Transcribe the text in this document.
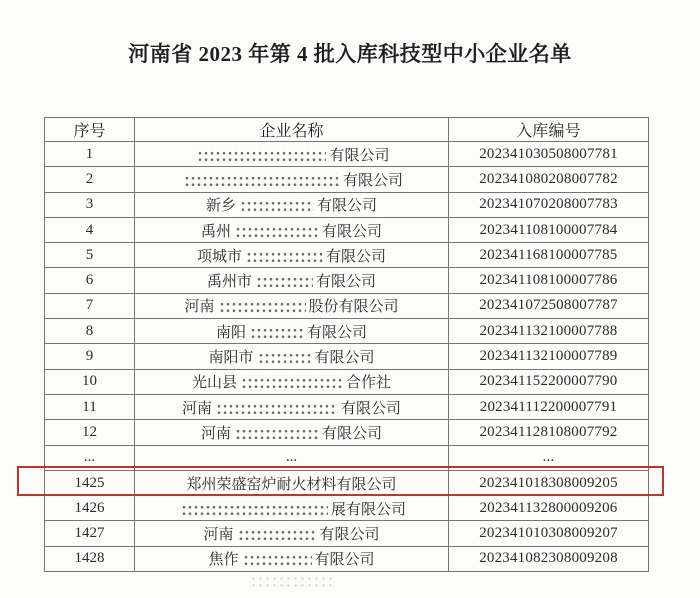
河南省 2023 年第 4 批入库科技型中小企业名单
序号	企业名称	入库编号
1	有限公司	202341030508007781
2	有限公司	202341080208007782
3	新乡 有限公司	202341070208007783
4	禹州 有限公司	202341108100007784
5	项城市 有限公司	202341168100007785
6	禹州市 有限公司	202341108100007786
7	河南 股份有限公司	202341072508007787
8	南阳 有限公司	202341132100007788
9	南阳市 有限公司	202341132100007789
10	光山县 合作社	202341152200007790
11	河南 有限公司	202341112200007791
12	河南 有限公司	202341128108007792
...	...	...
1425	郑州荣盛窑炉耐火材料有限公司	202341018308009205
1426	展有限公司	202341132800009206
1427	河南 有限公司	202341010308009207
1428	焦作 有限公司	202341082308009208
